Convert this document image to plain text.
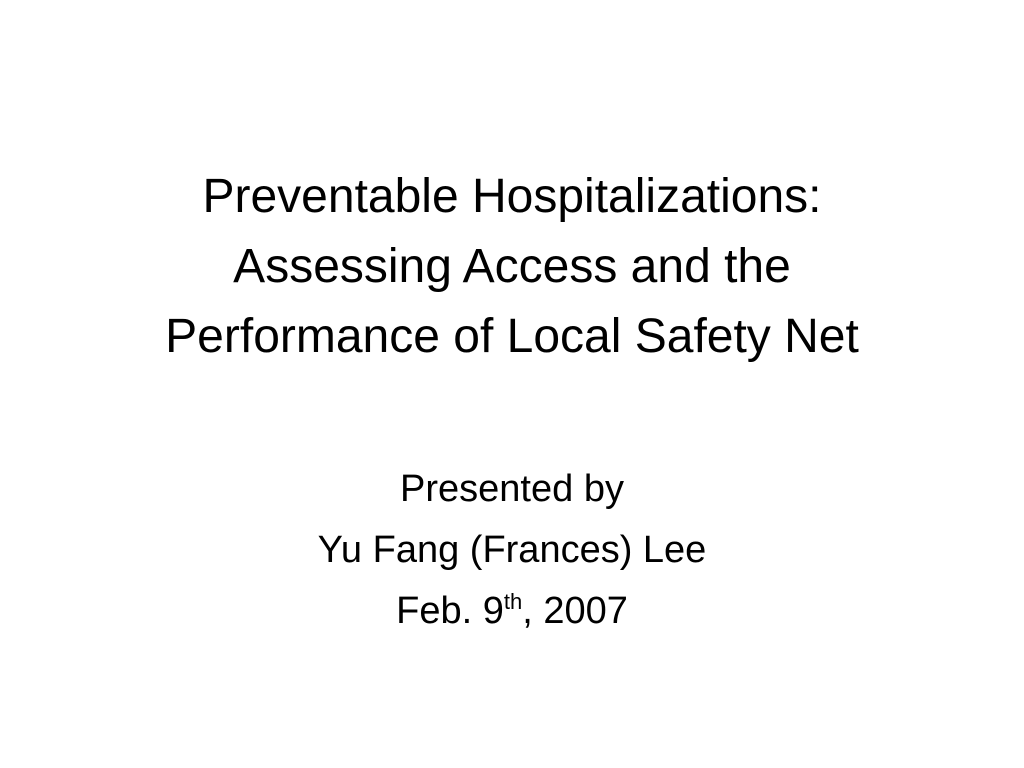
Preventable Hospitalizations:
Assessing Access and the
Performance of Local Safety Net
Presented by
Yu Fang (Frances) Lee
Feb. 9th, 2007
